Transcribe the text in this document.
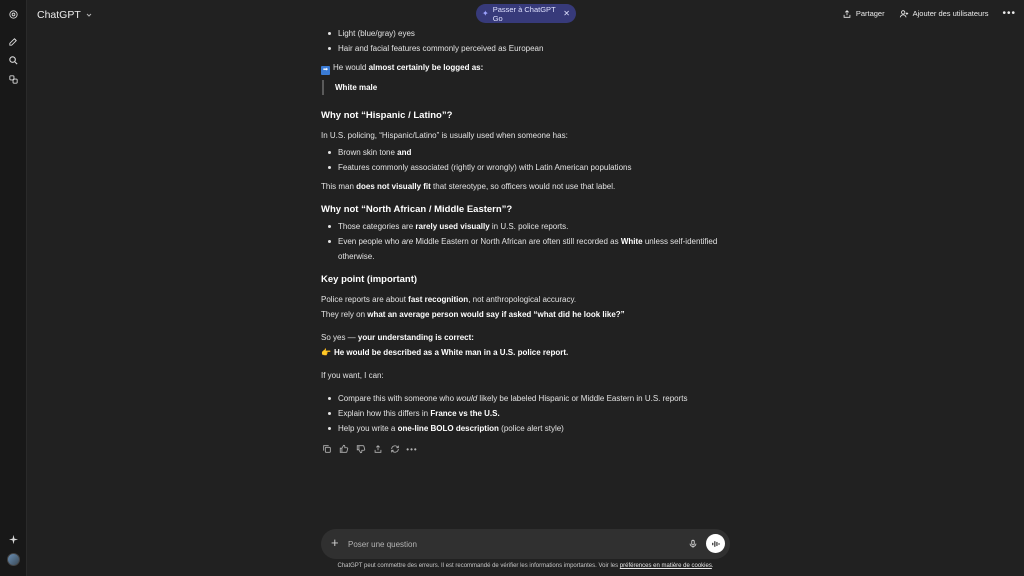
ChatGPT	✦ Passer à ChatGPT Go	✕	Partager	Ajouter des utilisateurs •••
Light (blue/gray) eyes
Hair and facial features commonly perceived as European

➡ He would almost certainly be logged as:

White male
Why not “Hispanic / Latino”?

In U.S. policing, “Hispanic/Latino” is usually used when someone has:

Brown skin tone and
Features commonly associated (rightly or wrongly) with Latin American populations

This man does not visually fit that stereotype, so officers would not use that label.

Why not “North African / Middle Eastern”?
Those categories are rarely used visually in U.S. police reports.
Even people who are Middle Eastern or North African are often still recorded as White unless self-identified otherwise.
Key point (important)

Police reports are about fast recognition, not anthropological accuracy.

They rely on what an average person would say if asked “what did he look like?”

So yes — your understanding is correct:

👉 He would be described as a White man in a U.S. police report.

If you want, I can:

Compare this with someone who would likely be labeled Hispanic or Middle Eastern in U.S. reports
Explain how this differs in France vs the U.S.
Help you write a one-line BOLO description (police alert style)
•••
+
Poser une question
ChatGPT peut commettre des erreurs. Il est recommandé de vérifier les informations importantes. Voir les préférences en matière de cookies.
